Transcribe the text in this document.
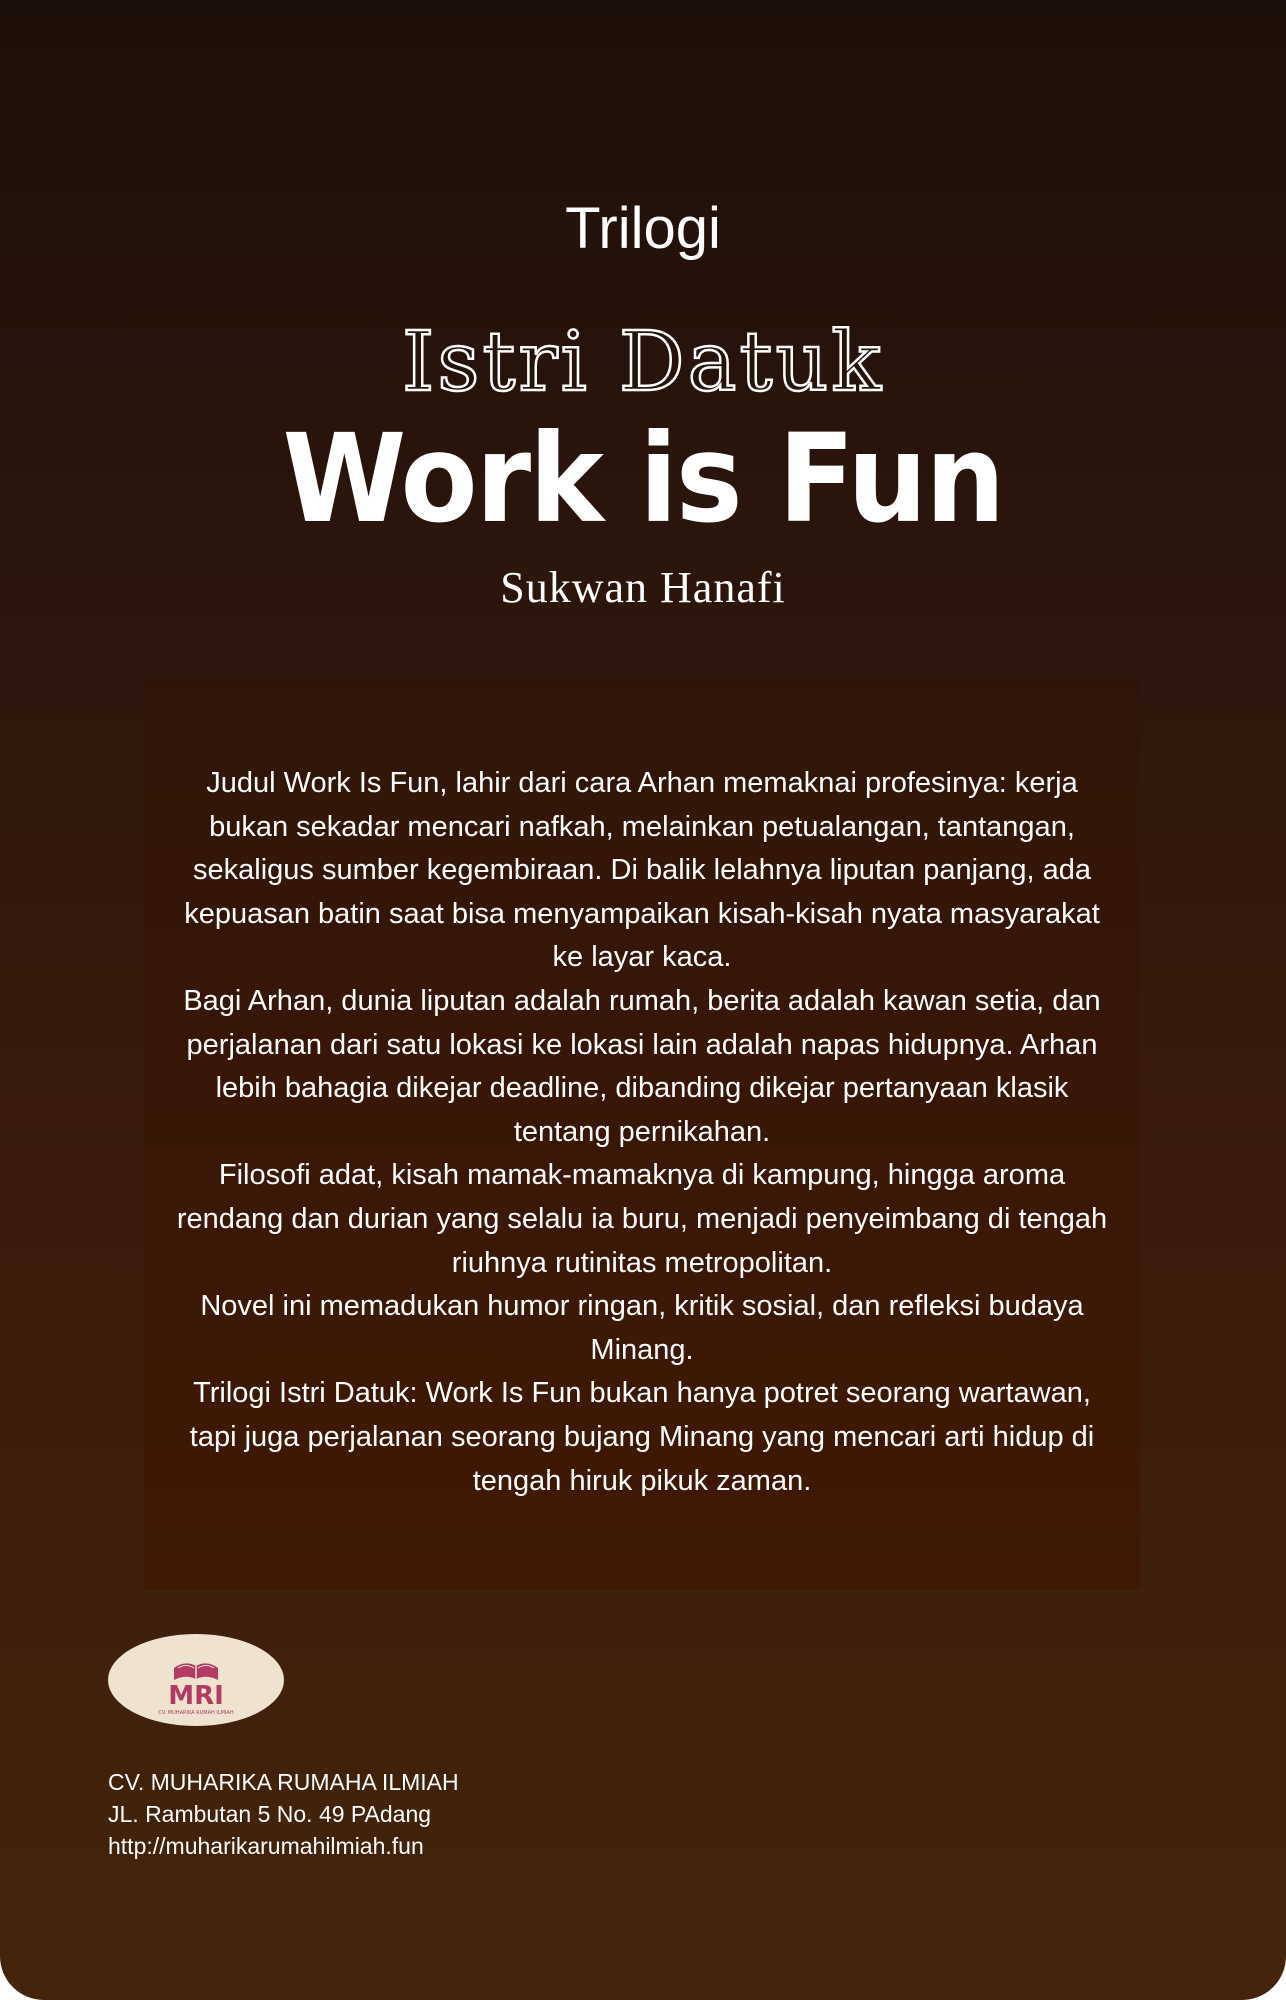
Trilogi
Istri Datuk
Work is Fun
Sukwan Hanafi

Judul Work Is Fun, lahir dari cara Arhan memaknai profesinya: kerja bukan sekadar mencari nafkah, melainkan petualangan, tantangan, sekaligus sumber kegembiraan. Di balik lelahnya liputan panjang, ada kepuasan batin saat bisa menyampaikan kisah-kisah nyata masyarakat ke layar kaca.

Bagi Arhan, dunia liputan adalah rumah, berita adalah kawan setia, dan perjalanan dari satu lokasi ke lokasi lain adalah napas hidupnya. Arhan lebih bahagia dikejar deadline, dibanding dikejar pertanyaan klasik tentang pernikahan.

Filosofi adat, kisah mamak-mamaknya di kampung, hingga aroma rendang dan durian yang selalu ia buru, menjadi penyeimbang di tengah riuhnya rutinitas metropolitan.

Novel ini memadukan humor ringan, kritik sosial, dan refleksi budaya Minang.

Trilogi Istri Datuk: Work Is Fun bukan hanya potret seorang wartawan, tapi juga perjalanan seorang bujang Minang yang mencari arti hidup di tengah hiruk pikuk zaman.

MRI
CV. MUHARIKA RUMAH ILMIAH
CV. MUHARIKA RUMAHA ILMIAH
JL. Rambutan 5 No. 49 PAdang
http://muharikarumahilmiah.fun
